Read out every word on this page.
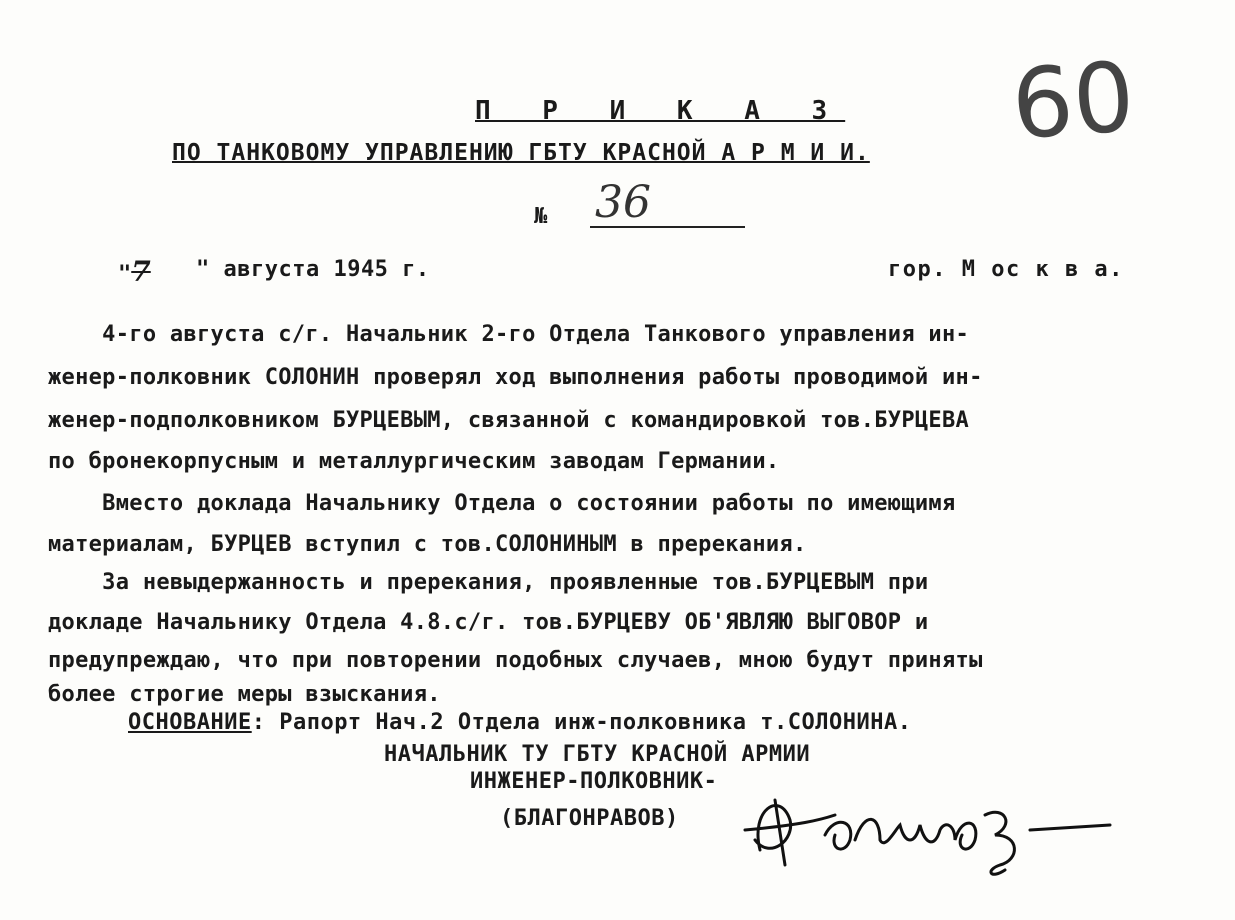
60
П Р И К А З
ПО ТАНКОВОМУ УПРАВЛЕНИЮ ГБТУ КРАСНОЙ А Р М И И.
№ 36
"7 " августа 1945 г.	гор. М ос к в а.
4-го августа с/г. Начальник 2-го Отдела Танкового управления ин-
женер-полковник СОЛОНИН проверял ход выполнения работы проводимой ин-
женер-подполковником БУРЦЕВЫМ, связанной с командировкой тов.БУРЦЕВА
по бронекорпусным и металлургическим заводам Германии.
Вместо доклада Начальнику Отдела о состоянии работы по имеющимя
материалам, БУРЦЕВ вступил с тов.СОЛОНИНЫМ в пререкания.
За невыдержанность и пререкания, проявленные тов.БУРЦЕВЫМ при
докладе Начальнику Отдела 4.8.с/г. тов.БУРЦЕВУ ОБ'ЯВЛЯЮ ВЫГОВОР и
предупреждаю, что при повторении подобных случаев, мною будут приняты
более строгие меры взыскания.
ОСНОВАНИЕ: Рапорт Нач.2 Отдела инж-полковника т.СОЛОНИНА.
НАЧАЛЬНИК ТУ ГБТУ КРАСНОЙ АРМИИ
ИНЖЕНЕР-ПОЛКОВНИК-
(БЛАГОНРАВОВ)
